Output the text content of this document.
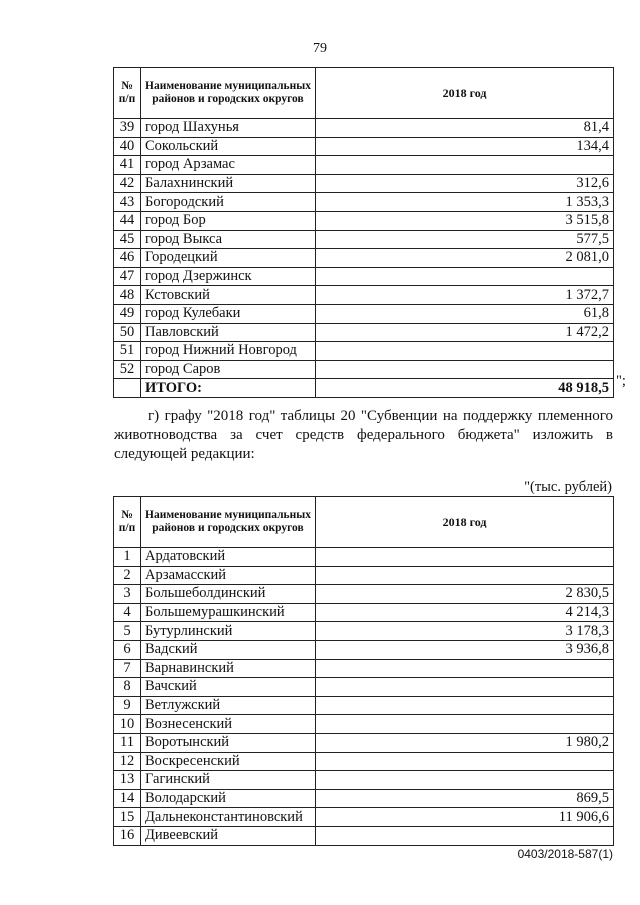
79
№ п/п	Наименование муниципальных районов и городских округов	2018 год
39	город Шахунья	81,4
40	Сокольский	134,4
41	город Арзамас	
42	Балахнинский	312,6
43	Богородский	1 353,3
44	город Бор	3 515,8
45	город Выкса	577,5
46	Городецкий	2 081,0
47	город Дзержинск	
48	Кстовский	1 372,7
49	город Кулебаки	61,8
50	Павловский	1 472,2
51	город Нижний Новгород	
52	город Саров	
	ИТОГО:	48 918,5 ";
г) графу "2018 год" таблицы 20 "Субвенции на поддержку племенного животноводства за счет средств федерального бюджета" изложить в следующей редакции:
"(тыс. рублей)
№ п/п	Наименование муниципальных районов и городских округов	2018 год
1	Ардатовский	
2	Арзамасский	
3	Большеболдинский	2 830,5
4	Большемурашкинский	4 214,3
5	Бутурлинский	3 178,3
6	Вадский	3 936,8
7	Варнавинский	
8	Вачский	
9	Ветлужский	
10	Вознесенский	
11	Воротынский	1 980,2
12	Воскресенский	
13	Гагинский	
14	Володарский	869,5
15	Дальнеконстантиновский	11 906,6
16	Дивеевский	
0403/2018-587(1)
